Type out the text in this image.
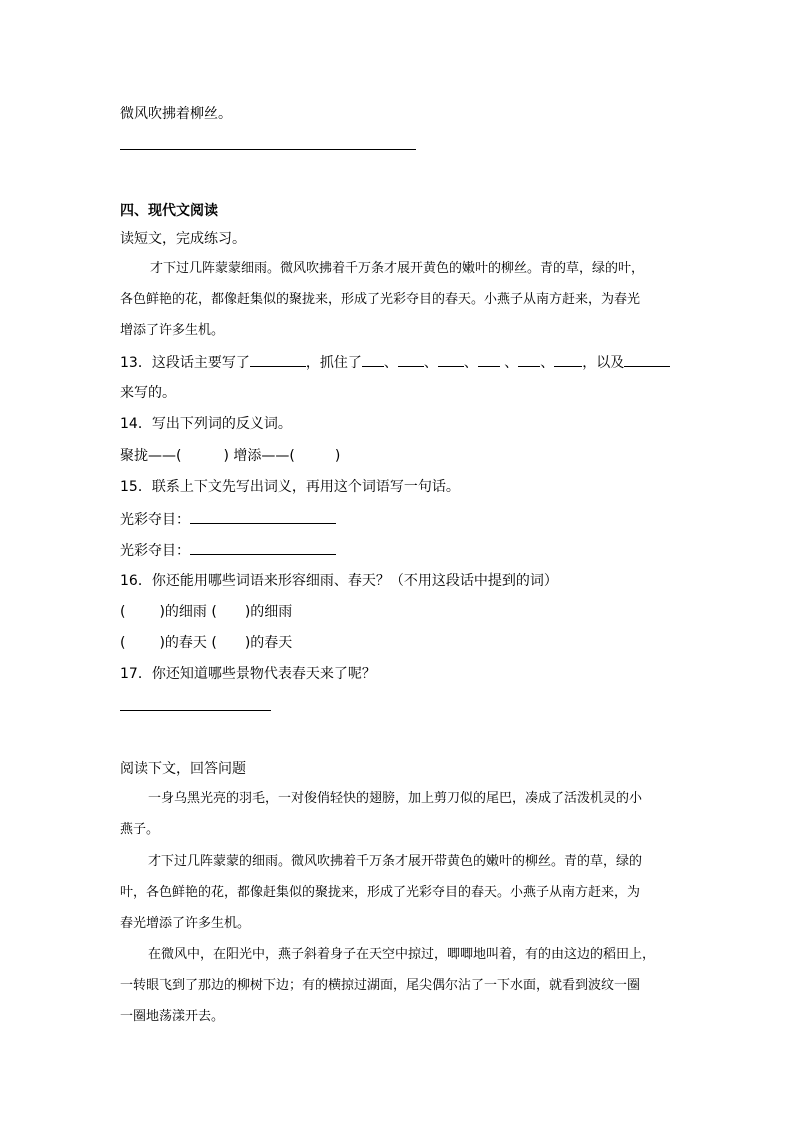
微风吹拂着柳丝。
四、现代文阅读
读短文，完成练习。
才下过几阵蒙蒙细雨。微风吹拂着千万条才展开黄色的嫩叶的柳丝。青的草，绿的叶，
各色鲜艳的花，都像赶集似的聚拢来，形成了光彩夺目的春天。小燕子从南方赶来，为春光
增添了许多生机。
13．这段话主要写了	，抓住了 、 、 、 、 、 ，以及
来写的。
14．写出下列词的反义词。
聚拢——(	) 增添——(	)
15．联系上下文先写出词义，再用这个词语写一句话。
光彩夺目：
光彩夺目：
16．你还能用哪些词语来形容细雨、春天？（不用这段话中提到的词）
( )的细雨 ( )的细雨
( )的春天 ( )的春天
17．你还知道哪些景物代表春天来了呢？
阅读下文，回答问题
一身乌黑光亮的羽毛，一对俊俏轻快的翅膀，加上剪刀似的尾巴，凑成了活泼机灵的小
燕子。
才下过几阵蒙蒙的细雨。微风吹拂着千万条才展开带黄色的嫩叶的柳丝。青的草，绿的
叶，各色鲜艳的花，都像赶集似的聚拢来，形成了光彩夺目的春天。小燕子从南方赶来，为
春光增添了许多生机。
在微风中，在阳光中，燕子斜着身子在天空中掠过，唧唧地叫着，有的由这边的稻田上，
一转眼飞到了那边的柳树下边；有的横掠过湖面，尾尖偶尔沾了一下水面，就看到波纹一圈
一圈地荡漾开去。
